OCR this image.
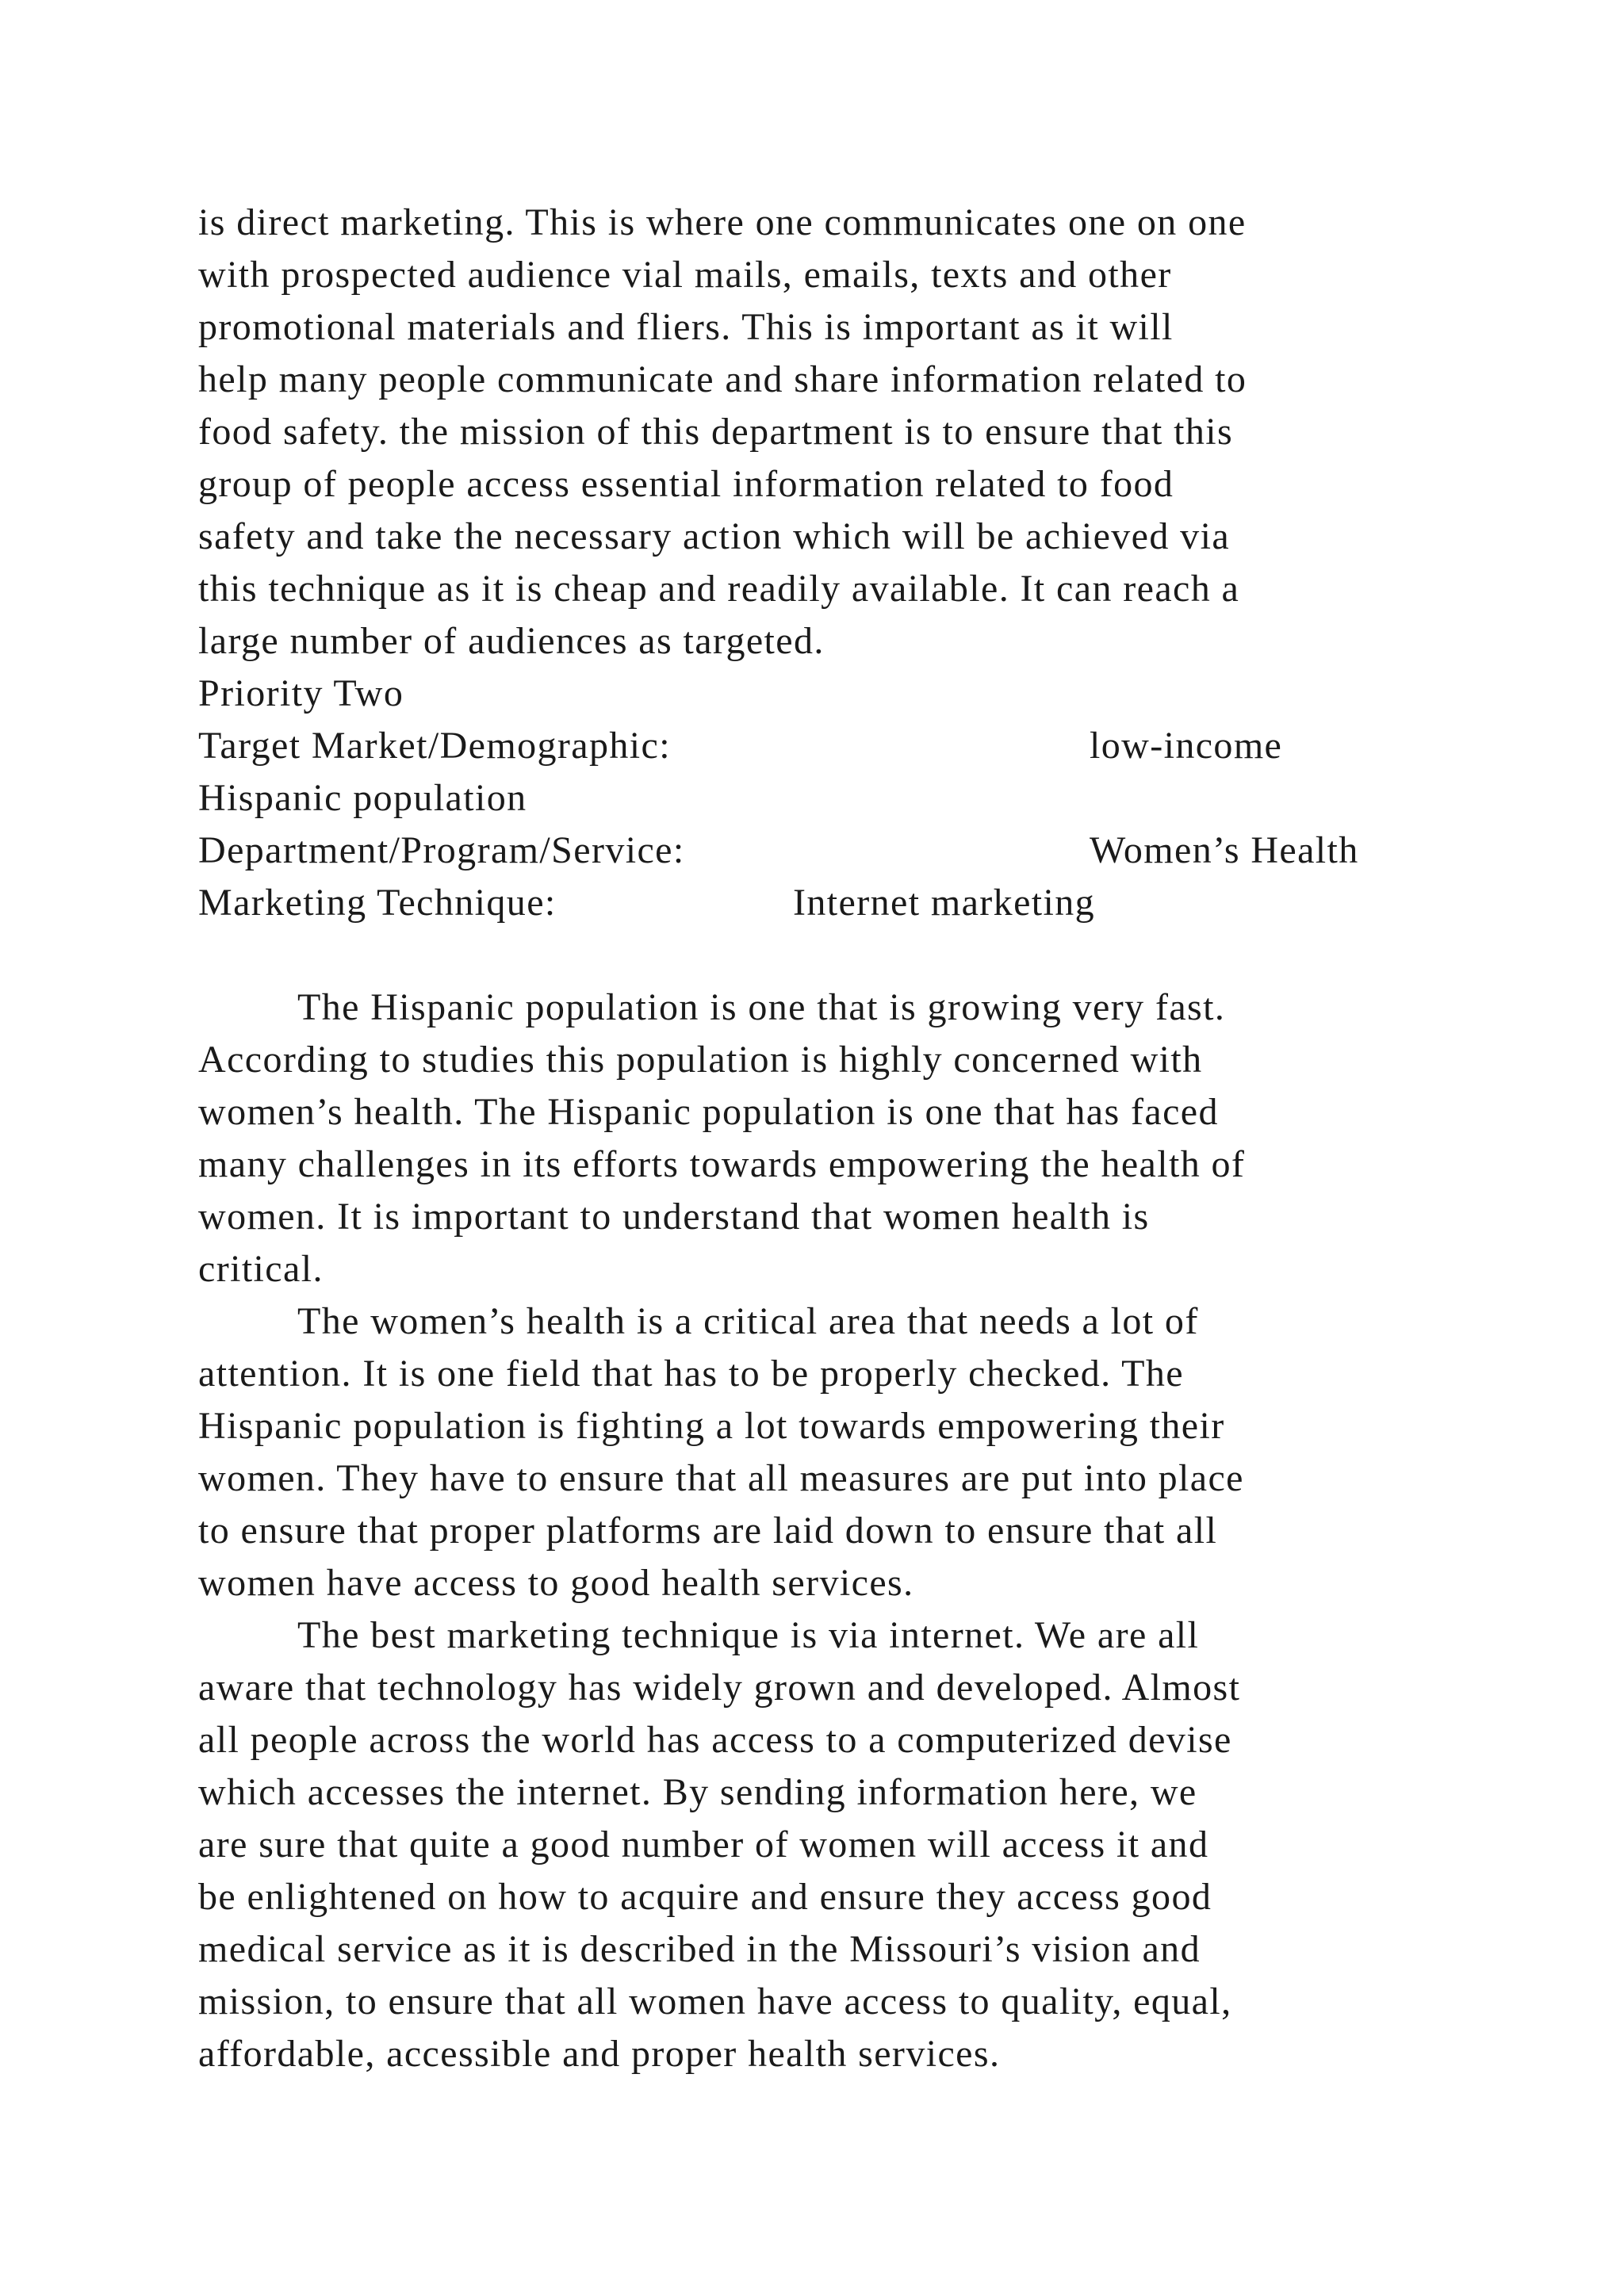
is direct marketing. This is where one communicates one on one
with prospected audience vial mails, emails, texts and other
promotional materials and fliers. This is important as it will
help many people communicate and share information related to
food safety. the mission of this department is to ensure that this
group of people access essential information related to food
safety and take the necessary action which will be achieved via
this technique as it is cheap and readily available. It can reach a
large number of audiences as targeted.
Priority Two
Target Market/Demographic:	low-income
Hispanic population
Department/Program/Service:	Women’s Health
Marketing Technique:	Internet marketing
The Hispanic population is one that is growing very fast.
According to studies this population is highly concerned with
women’s health. The Hispanic population is one that has faced
many challenges in its efforts towards empowering the health of
women. It is important to understand that women health is
critical.
The women’s health is a critical area that needs a lot of
attention. It is one field that has to be properly checked. The
Hispanic population is fighting a lot towards empowering their
women. They have to ensure that all measures are put into place
to ensure that proper platforms are laid down to ensure that all
women have access to good health services.
The best marketing technique is via internet. We are all
aware that technology has widely grown and developed. Almost
all people across the world has access to a computerized devise
which accesses the internet. By sending information here, we
are sure that quite a good number of women will access it and
be enlightened on how to acquire and ensure they access good
medical service as it is described in the Missouri’s vision and
mission, to ensure that all women have access to quality, equal,
affordable, accessible and proper health services.
